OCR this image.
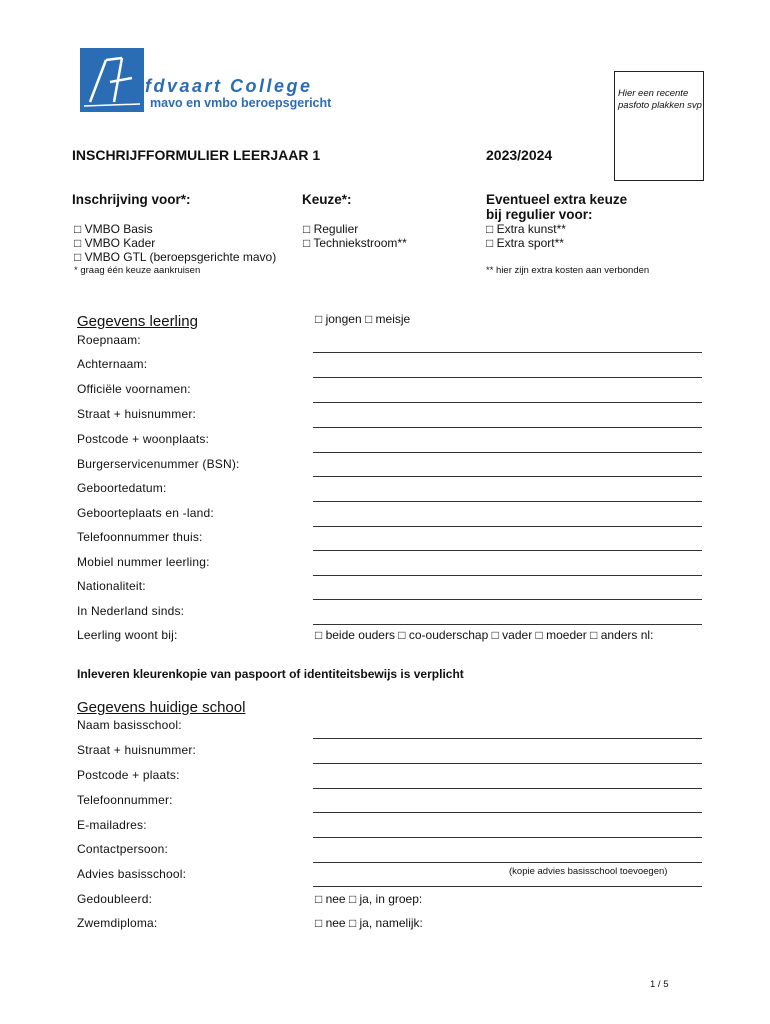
oofdvaart College
mavo en vmbo beroepsgericht
Hier een recente pasfoto plakken svp
INSCHRIJFFORMULIER LEERJAAR 1	2023/2024
Inschrijving voor*:	Keuze*:	Eventueel extra keuze
bij regulier voor:
□ VMBO Basis
□ VMBO Kader
□ VMBO GTL (beroepsgerichte mavo)
* graag één keuze aankruisen
□ Regulier
□ Techniekstroom**
□ Extra kunst**
□ Extra sport**
** hier zijn extra kosten aan verbonden
Gegevens leerling	□ jongen □ meisje
Roepnaam:
Achternaam:
Officiële voornamen:
Straat + huisnummer:
Postcode + woonplaats:
Burgerservicenummer (BSN):
Geboortedatum:
Geboorteplaats en -land:
Telefoonnummer thuis:
Mobiel nummer leerling:
Nationaliteit:
In Nederland sinds:
Leerling woont bij:	□ beide ouders □ co-ouderschap □ vader □ moeder □ anders nl:
Inleveren kleurenkopie van paspoort of identiteitsbewijs is verplicht
Gegevens huidige school
Naam basisschool:
Straat + huisnummer:
Postcode + plaats:
Telefoonnummer:
E-mailadres:
Contactpersoon:
Advies basisschool:	(kopie advies basisschool toevoegen)
Gedoubleerd:	□ nee □ ja, in groep:
Zwemdiploma:	□ nee □ ja, namelijk:
1 / 5
